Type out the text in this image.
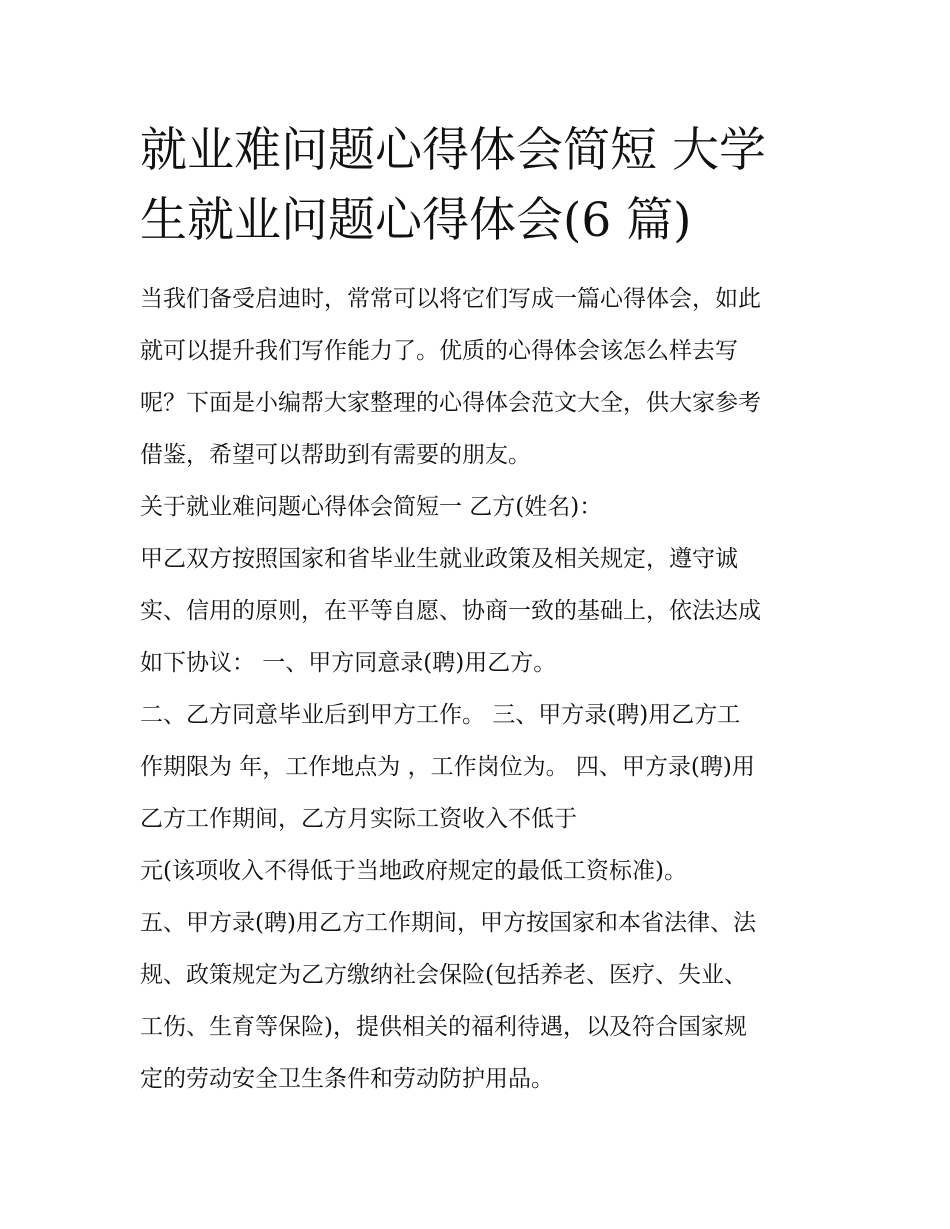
就业难问题心得体会简短 大学
生就业问题心得体会(6 篇)

当我们备受启迪时，常常可以将它们写成一篇心得体会，如此

就可以提升我们写作能力了。优质的心得体会该怎么样去写

呢？下面是小编帮大家整理的心得体会范文大全，供大家参考

借鉴，希望可以帮助到有需要的朋友。

关于就业难问题心得体会简短一 乙方(姓名)：

甲乙双方按照国家和省毕业生就业政策及相关规定，遵守诚

实、信用的原则，在平等自愿、协商一致的基础上，依法达成

如下协议： 一、甲方同意录(聘)用乙方。

二、乙方同意毕业后到甲方工作。 三、甲方录(聘)用乙方工

作期限为 年，工作地点为 ，工作岗位为。 四、甲方录(聘)用

乙方工作期间，乙方月实际工资收入不低于

元(该项收入不得低于当地政府规定的最低工资标准)。

五、甲方录(聘)用乙方工作期间，甲方按国家和本省法律、法

规、政策规定为乙方缴纳社会保险(包括养老、医疗、失业、

工伤、生育等保险)，提供相关的福利待遇，以及符合国家规

定的劳动安全卫生条件和劳动防护用品。
